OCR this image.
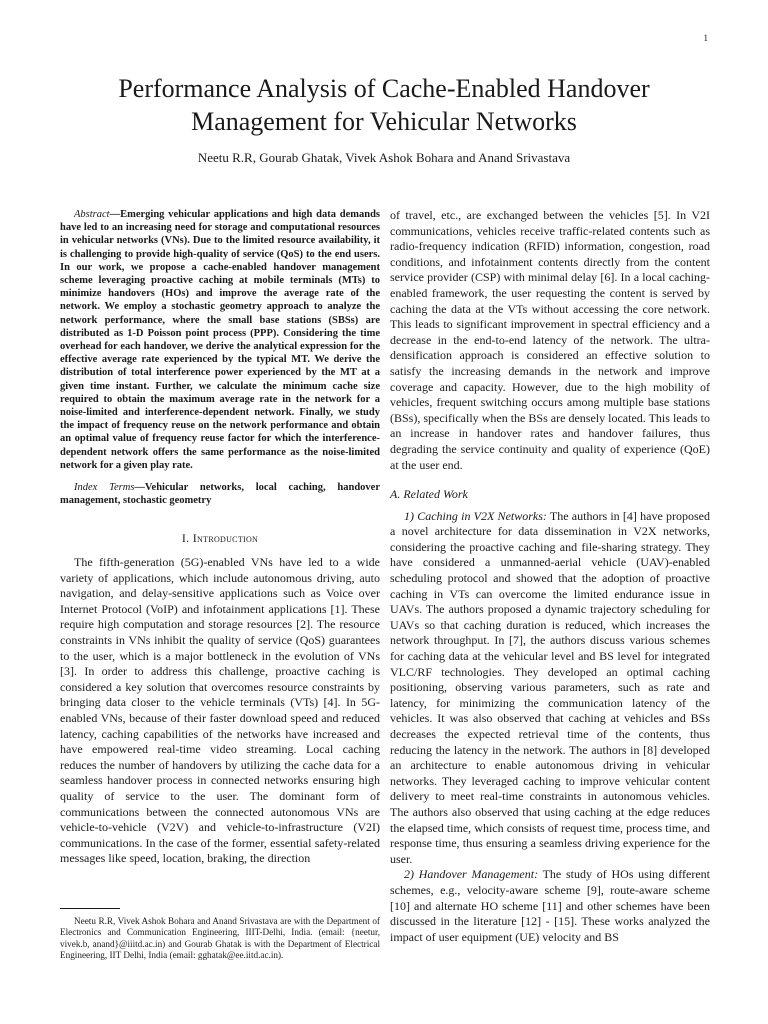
1
Performance Analysis of Cache-Enabled Handover
Management for Vehicular Networks
Neetu R.R, Gourab Ghatak, Vivek Ashok Bohara and Anand Srivastava

Abstract—Emerging vehicular applications and high data demands have led to an increasing need for storage and computational resources in vehicular networks (VNs). Due to the limited resource availability, it is challenging to provide high-quality of service (QoS) to the end users. In our work, we propose a cache-enabled handover management scheme leveraging proactive caching at mobile terminals (MTs) to minimize handovers (HOs) and improve the average rate of the network. We employ a stochastic geometry approach to analyze the network performance, where the small base stations (SBSs) are distributed as 1-D Poisson point process (PPP). Considering the time overhead for each handover, we derive the analytical expression for the effective average rate experienced by the typical MT. We derive the distribution of total interference power experienced by the MT at a given time instant. Further, we calculate the minimum cache size required to obtain the maximum average rate in the network for a noise-limited and interference-dependent network. Finally, we study the impact of frequency reuse on the network performance and obtain an optimal value of frequency reuse factor for which the interference-dependent network offers the same performance as the noise-limited network for a given play rate.

Index Terms—Vehicular networks, local caching, handover management, stochastic geometry

I. Introduction

The fifth-generation (5G)-enabled VNs have led to a wide variety of applications, which include autonomous driving, auto navigation, and delay-sensitive applications such as Voice over Internet Protocol (VoIP) and infotainment applications [1]. These require high computation and storage resources [2]. The resource constraints in VNs inhibit the quality of service (QoS) guarantees to the user, which is a major bottleneck in the evolution of VNs [3]. In order to address this challenge, proactive caching is considered a key solution that overcomes resource constraints by bringing data closer to the vehicle terminals (VTs) [4]. In 5G-enabled VNs, because of their faster download speed and reduced latency, caching capabilities of the networks have increased and have empowered real-time video streaming. Local caching reduces the number of handovers by utilizing the cache data for a seamless handover process in connected networks ensuring high quality of service to the user. The dominant form of communications between the connected autonomous VNs are vehicle-to-vehicle (V2V) and vehicle-to-infrastructure (V2I) communications. In the case of the former, essential safety-related messages like speed, location, braking, the direction

Neetu R.R, Vivek Ashok Bohara and Anand Srivastava are with the Department of Electronics and Communication Engineering, IIIT-Delhi, India. (email: {neetur, vivek.b, anand}@iiitd.ac.in) and Gourab Ghatak is with the Department of Electrical Engineering, IIT Delhi, India (email: gghatak@ee.iitd.ac.in).

of travel, etc., are exchanged between the vehicles [5]. In V2I communications, vehicles receive traffic-related contents such as radio-frequency indication (RFID) information, congestion, road conditions, and infotainment contents directly from the content service provider (CSP) with minimal delay [6]. In a local caching-enabled framework, the user requesting the content is served by caching the data at the VTs without accessing the core network. This leads to significant improvement in spectral efficiency and a decrease in the end-to-end latency of the network. The ultra-densification approach is considered an effective solution to satisfy the increasing demands in the network and improve coverage and capacity. However, due to the high mobility of vehicles, frequent switching occurs among multiple base stations (BSs), specifically when the BSs are densely located. This leads to an increase in handover rates and handover failures, thus degrading the service continuity and quality of experience (QoE) at the user end.

A. Related Work

1) Caching in V2X Networks: The authors in [4] have proposed a novel architecture for data dissemination in V2X networks, considering the proactive caching and file-sharing strategy. They have considered a unmanned-aerial vehicle (UAV)-enabled scheduling protocol and showed that the adoption of proactive caching in VTs can overcome the limited endurance issue in UAVs. The authors proposed a dynamic trajectory scheduling for UAVs so that caching duration is reduced, which increases the network throughput. In [7], the authors discuss various schemes for caching data at the vehicular level and BS level for integrated VLC/RF technologies. They developed an optimal caching positioning, observing various parameters, such as rate and latency, for minimizing the communication latency of the vehicles. It was also observed that caching at vehicles and BSs decreases the expected retrieval time of the contents, thus reducing the latency in the network. The authors in [8] developed an architecture to enable autonomous driving in vehicular networks. They leveraged caching to improve vehicular content delivery to meet real-time constraints in autonomous vehicles. The authors also observed that using caching at the edge reduces the elapsed time, which consists of request time, process time, and response time, thus ensuring a seamless driving experience for the user.

2) Handover Management: The study of HOs using different schemes, e.g., velocity-aware scheme [9], route-aware scheme [10] and alternate HO scheme [11] and other schemes have been discussed in the literature [12] - [15]. These works analyzed the impact of user equipment (UE) velocity and BS
